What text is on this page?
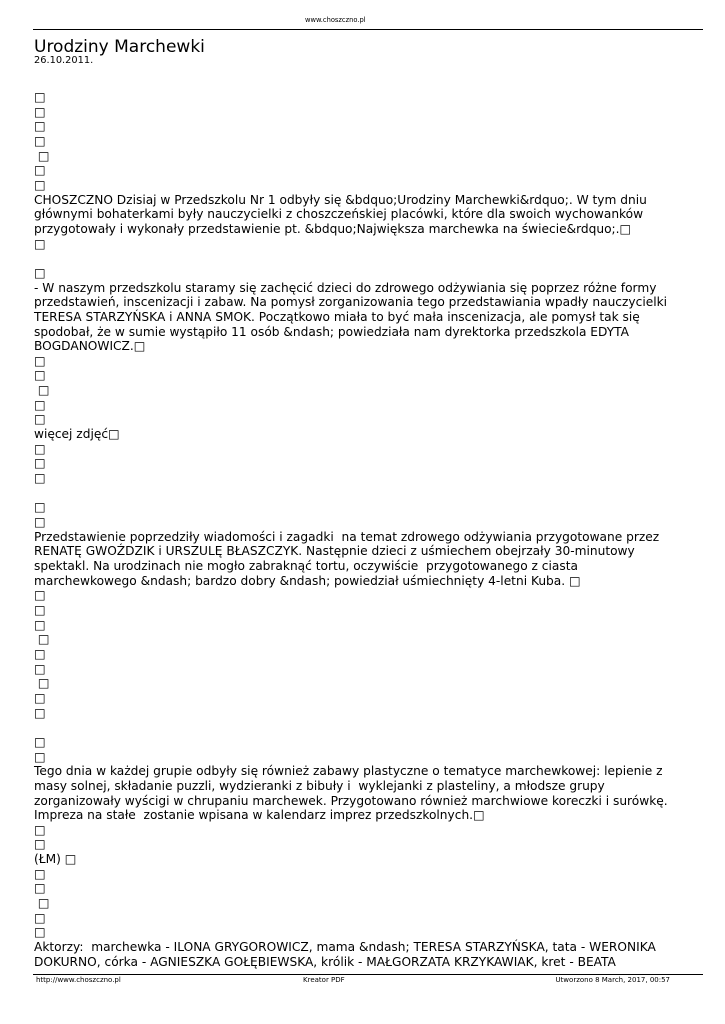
www.choszczno.pl
Urodziny Marchewki
26.10.2011.
□
□
□
□
□
□
□
CHOSZCZNO Dzisiaj w Przedszkolu Nr 1 odbyły się &bdquo;Urodziny Marchewki&rdquo;. W tym dniu
głównymi bohaterkami były nauczycielki z choszczeńskiej placówki, które dla swoich wychowanków
przygotowały i wykonały przedstawienie pt. &bdquo;Największa marchewka na świecie&rdquo;.□
□
□
- W naszym przedszkolu staramy się zachęcić dzieci do zdrowego odżywiania się poprzez różne formy
przedstawień, inscenizacji i zabaw. Na pomysł zorganizowania tego przedstawiania wpadły nauczycielki
TERESA STARZYŃSKA i ANNA SMOK. Początkowo miała to być mała inscenizacja, ale pomysł tak się
spodobał, że w sumie wystąpiło 11 osób &ndash; powiedziała nam dyrektorka przedszkola EDYTA
BOGDANOWICZ.□
□
□
□
□
□
więcej zdjęć□
□
□
□
□
□
Przedstawienie poprzedziły wiadomości i zagadki  na temat zdrowego odżywiania przygotowane przez
RENATĘ GWOŹDZIK i URSZULĘ BŁASZCZYK. Następnie dzieci z uśmiechem obejrzały 30-minutowy
spektakl. Na urodzinach nie mogło zabraknąć tortu, oczywiście  przygotowanego z ciasta
marchewkowego &ndash; bardzo dobry &ndash; powiedział uśmiechnięty 4-letni Kuba. □
□
□
□
□
□
□
□
□
□
□
□
Tego dnia w każdej grupie odbyły się również zabawy plastyczne o tematyce marchewkowej: lepienie z
masy solnej, składanie puzzli, wydzieranki z bibuły i  wyklejanki z plasteliny, a młodsze grupy
zorganizowały wyścigi w chrupaniu marchewek. Przygotowano również marchwiowe koreczki i surówkę.
Impreza na stałe  zostanie wpisana w kalendarz imprez przedszkolnych.□
□
□
(ŁM) □
□
□
□
□
□
Aktorzy:  marchewka - ILONA GRYGOROWICZ, mama &ndash; TERESA STARZYŃSKA, tata - WERONIKA
DOKURNO, córka - AGNIESZKA GOŁĘBIEWSKA, królik - MAŁGORZATA KRZYKAWIAK, kret - BEATA
http://www.choszczno.pl	Kreator PDF	Utworzono 8 March, 2017, 00:57
